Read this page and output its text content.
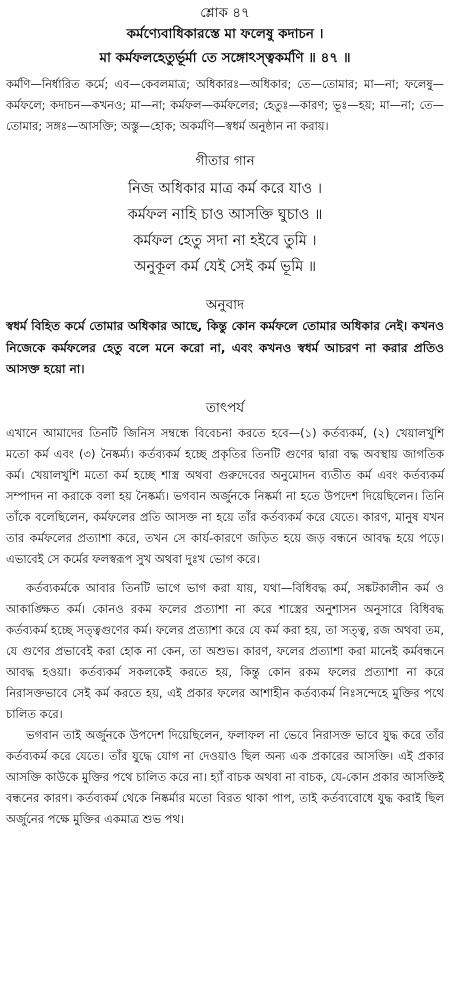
শ্লোক ৪৭

কর্মণ্যেবাধিকারস্তে মা ফলেষু কদাচন ।

মা কর্মফলহেতুর্ভূর্মা তে সঙ্গোঽস্ত্বকর্মণি ॥ ৪৭ ॥

কর্মণি—নির্ধারিত কর্মে; এব—কেবলমাত্র; অধিকারঃ—অধিকার; তে—তোমার; মা—না; ফলেষু—কর্মফলে; কদাচন—কখনও; মা—না; কর্মফল—কর্মফলের; হেতুঃ—কারণ; ভূঃ—হয়; মা—না; তে—তোমার; সঙ্গঃ—আসক্তি; অস্তু—হোক; অকর্মণি—স্বধর্ম অনুষ্ঠান না করায়।

গীতার গান

নিজ অধিকার মাত্র কর্ম করে যাও ।

কর্মফল নাহি চাও আসক্তি ঘুচাও ॥

কর্মফল হেতু সদা না হইবে তুমি ।

অনুকূল কর্ম যেই সেই কর্ম ভূমি ॥

অনুবাদ

স্বধর্ম বিহিত কর্মে তোমার অধিকার আছে, কিন্তু কোন কর্মফলে তোমার অধিকার নেই। কখনও নিজেকে কর্মফলের হেতু বলে মনে করো না, এবং কখনও স্বধর্ম আচরণ না করার প্রতিও আসক্ত হয়ো না।

তাৎপর্য

এখানে আমাদের তিনটি জিনিস সম্বন্ধে বিবেচনা করতে হবে—(১) কর্তব্যকর্ম, (২) খেয়ালখুশি মতো কর্ম এবং (৩) নৈষ্কর্ম্য। কর্তব্যকর্ম হচ্ছে প্রকৃতির তিনটি গুণের দ্বারা বদ্ধ অবস্থায় জাগতিক কর্ম। খেয়ালখুশি মতো কর্ম হচ্ছে শাস্ত্র অথবা গুরুদেবের অনুমোদন ব্যতীত কর্ম এবং কর্তব্যকর্ম সম্পাদন না করাকে বলা হয় নৈষ্কর্ম্য। ভগবান অর্জুনকে নিষ্কর্মা না হতে উপদেশ দিয়েছিলেন। তিনি তাঁকে বলেছিলেন, কর্মফলের প্রতি আসক্ত না হয়ে তাঁর কর্তব্যকর্ম করে যেতে। কারণ, মানুষ যখন তার কর্মফলের প্রত্যাশা করে, তখন সে কার্য-কারণে জড়িত হয়ে জড় বন্ধনে আবদ্ধ হয়ে পড়ে। এভাবেই সে কর্মের ফলস্বরূপ সুখ অথবা দুঃখ ভোগ করে।

কর্তব্যকর্মকে আবার তিনটি ভাগে ভাগ করা যায়, যথা—বিধিবদ্ধ কর্ম, সঙ্কটকালীন কর্ম ও আকাঙ্ক্ষিত কর্ম। কোনও রকম ফলের প্রত্যাশা না করে শাস্ত্রের অনুশাসন অনুসারে বিধিবদ্ধ কর্তব্যকর্ম হচ্ছে সত্ত্বগুণের কর্ম। ফলের প্রত্যাশা করে যে কর্ম করা হয়, তা সত্ত্ব, রজ অথবা তম, যে গুণের প্রভাবেই করা হোক না কেন, তা অশুভ। কারণ, ফলের প্রত্যাশা করা মানেই কর্মবন্ধনে আবদ্ধ হওয়া। কর্তব্যকর্ম সকলকেই করতে হয়, কিন্তু কোন রকম ফলের প্রত্যাশা না করে নিরাসক্তভাবে সেই কর্ম করতে হয়, এই প্রকার ফলের আশাহীন কর্তব্যকর্ম নিঃসন্দেহে মুক্তির পথে চালিত করে।

ভগবান তাই অর্জুনকে উপদেশ দিয়েছিলেন, ফলাফল না ভেবে নিরাসক্ত ভাবে যুদ্ধ করে তাঁর কর্তব্যকর্ম করে যেতে। তাঁর যুদ্ধে যোগ না দেওয়াও ছিল অন্য এক প্রকারের আসক্তি। এই প্রকার আসক্তি কাউকে মুক্তির পথে চালিত করে না। হ্যাঁ বাচক অথবা না বাচক, যে-কোন প্রকার আসক্তিই বন্ধনের কারণ। কর্তব্যকর্ম থেকে নিষ্কর্মার মতো বিরত থাকা পাপ, তাই কর্তব্যবোধে যুদ্ধ করাই ছিল অর্জুনের পক্ষে মুক্তির একমাত্র শুভ পথ।
